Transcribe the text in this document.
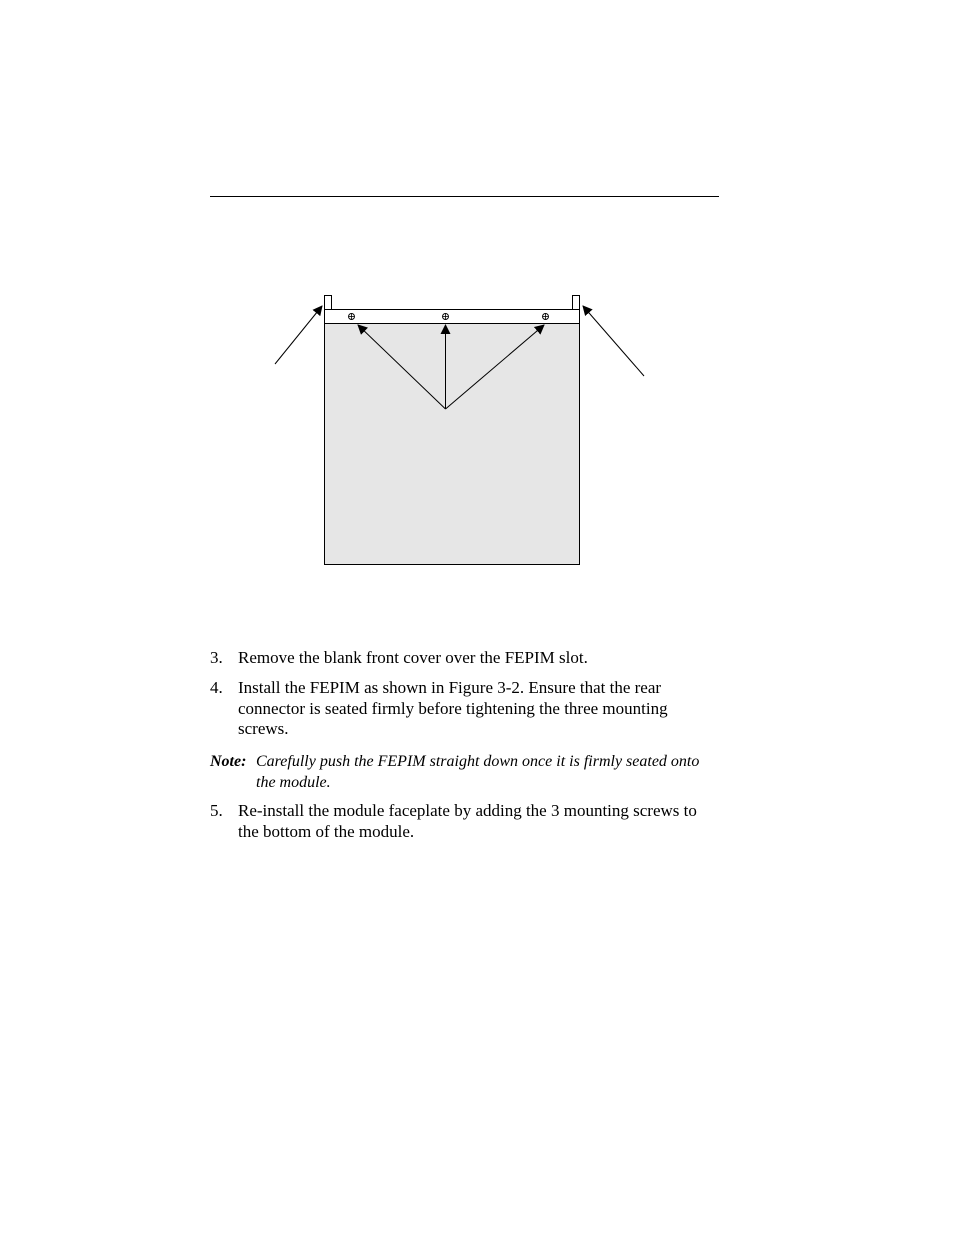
3. Remove the blank front cover over the FEPIM slot.
4. Install the FEPIM as shown in Figure 3-2. Ensure that the rear connector is seated firmly before tightening the three mounting screws.
Note: Carefully push the FEPIM straight down once it is firmly seated onto the module.
5. Re-install the module faceplate by adding the 3 mounting screws to the bottom of the module.
